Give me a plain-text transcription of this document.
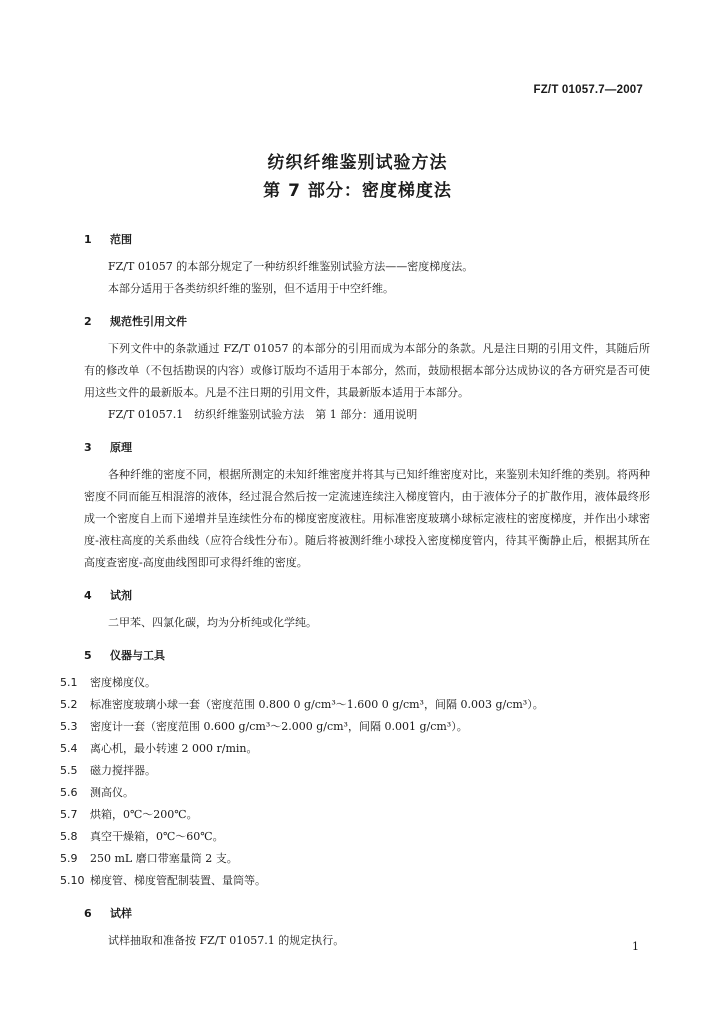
FZ/T 01057.7—2007
纺织纤维鉴别试验方法
第 7 部分：密度梯度法
1	范围

FZ/T 01057 的本部分规定了一种纺织纤维鉴别试验方法——密度梯度法。

本部分适用于各类纺织纤维的鉴别，但不适用于中空纤维。

2	规范性引用文件

下列文件中的条款通过 FZ/T 01057 的本部分的引用而成为本部分的条款。凡是注日期的引用文件，其随后所有的修改单（不包括勘误的内容）或修订版均不适用于本部分，然而，鼓励根据本部分达成协议的各方研究是否可使用这些文件的最新版本。凡是不注日期的引用文件，其最新版本适用于本部分。

FZ/T 01057.1　纺织纤维鉴别试验方法　第 1 部分：通用说明

3	原理

各种纤维的密度不同，根据所测定的未知纤维密度并将其与已知纤维密度对比，来鉴别未知纤维的类别。将两种密度不同而能互相混溶的液体，经过混合然后按一定流速连续注入梯度管内，由于液体分子的扩散作用，液体最终形成一个密度自上而下递增并呈连续性分布的梯度密度液柱。用标准密度玻璃小球标定液柱的密度梯度，并作出小球密度-液柱高度的关系曲线（应符合线性分布）。随后将被测纤维小球投入密度梯度管内，待其平衡静止后，根据其所在高度查密度-高度曲线图即可求得纤维的密度。

4	试剂

二甲苯、四氯化碳，均为分析纯或化学纯。

5	仪器与工具
5.1	密度梯度仪。
5.2	标准密度玻璃小球一套（密度范围 0.800 0 g/cm³～1.600 0 g/cm³，间隔 0.003 g/cm³）。
5.3	密度计一套（密度范围 0.600 g/cm³～2.000 g/cm³，间隔 0.001 g/cm³）。
5.4	离心机，最小转速 2 000 r/min。
5.5	磁力搅拌器。
5.6	测高仪。
5.7	烘箱，0℃～200℃。
5.8	真空干燥箱，0℃～60℃。
5.9	250 mL 磨口带塞量筒 2 支。
5.10 梯度管、梯度管配制装置、量筒等。
6	试样

试样抽取和准备按 FZ/T 01057.1 的规定执行。	1
